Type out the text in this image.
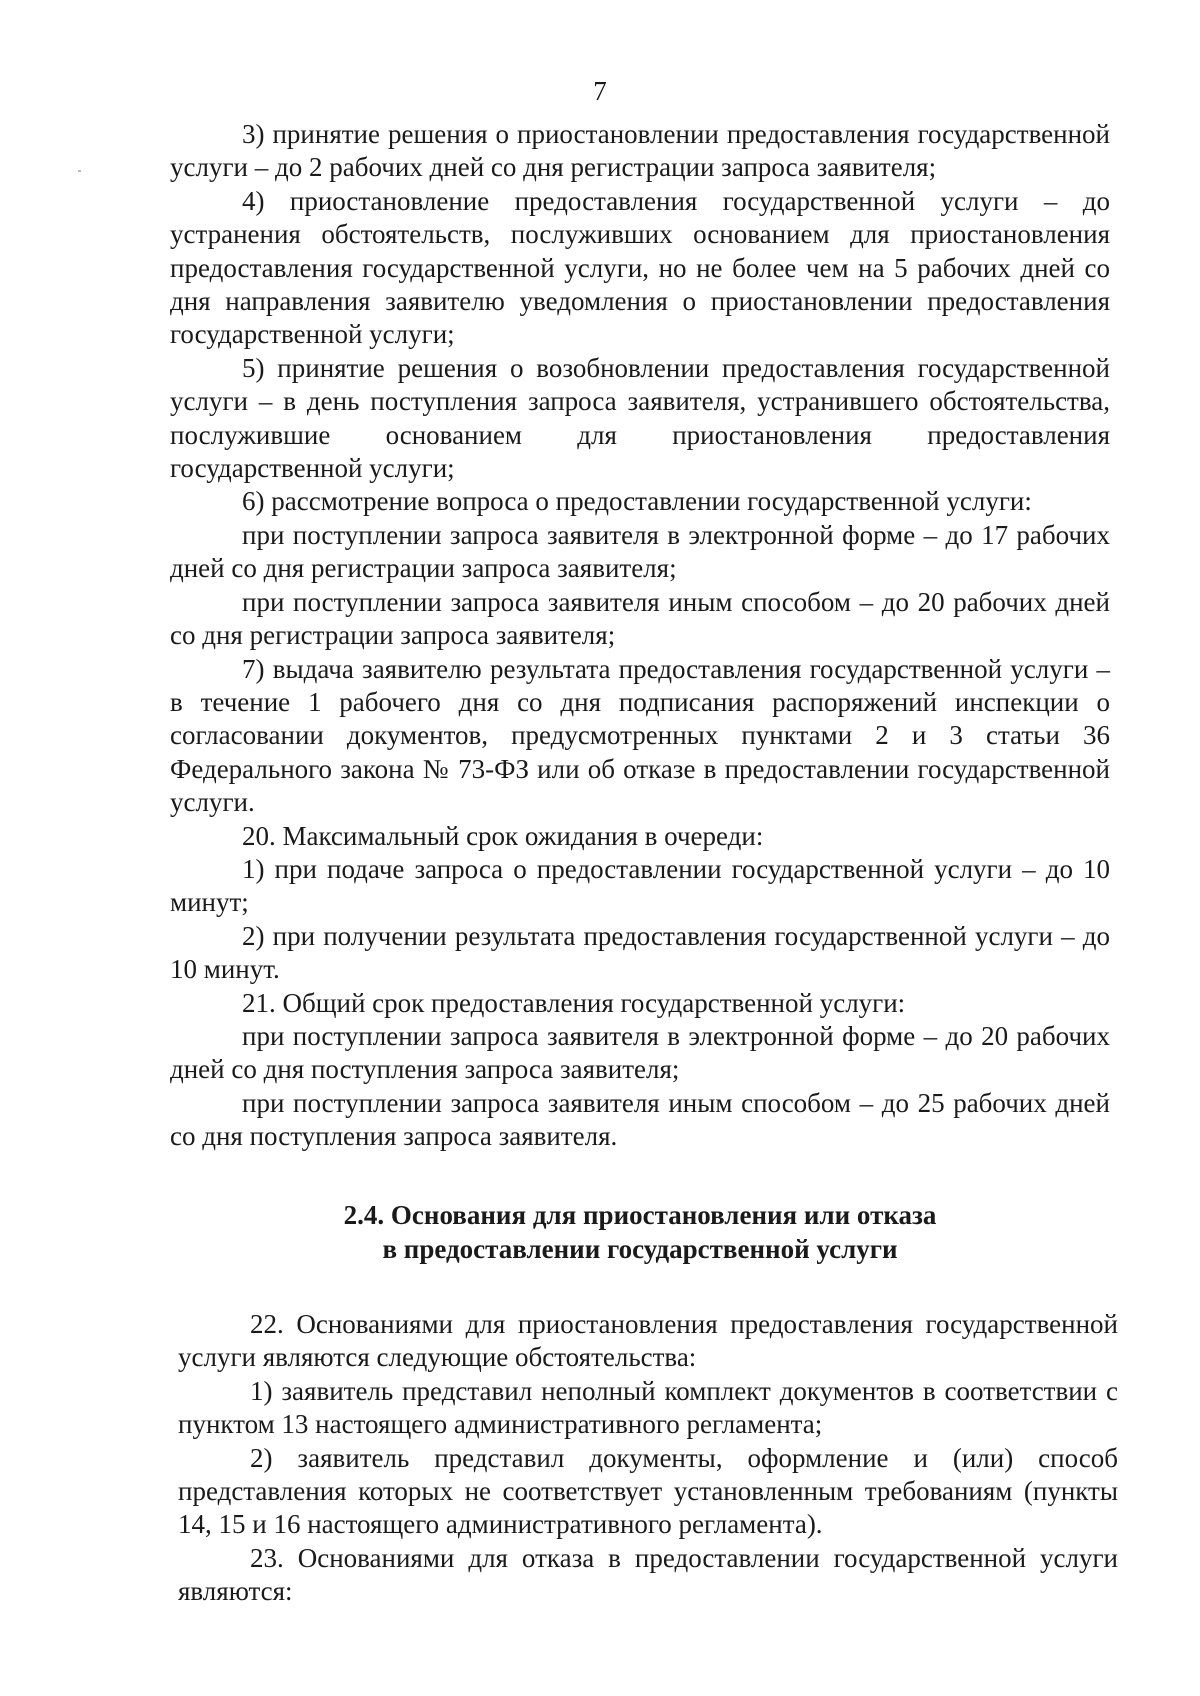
7

3) принятие решения о приостановлении предоставления государственной услуги – до 2 рабочих дней со дня регистрации запроса заявителя;

4) приостановление предоставления государственной услуги – до устранения обстоятельств, послуживших основанием для приостановления предоставления государственной услуги, но не более чем на 5 рабочих дней со дня направления заявителю уведомления о приостановлении предоставления государственной услуги;

5) принятие решения о возобновлении предоставления государственной услуги – в день поступления запроса заявителя, устранившего обстоятельства, послужившие основанием для приостановления предоставления государственной услуги;

6) рассмотрение вопроса о предоставлении государственной услуги:

при поступлении запроса заявителя в электронной форме – до 17 рабочих дней со дня регистрации запроса заявителя;

при поступлении запроса заявителя иным способом – до 20 рабочих дней со дня регистрации запроса заявителя;

7) выдача заявителю результата предоставления государственной услуги – в течение 1 рабочего дня со дня подписания распоряжений инспекции о согласовании документов, предусмотренных пунктами 2 и 3 статьи 36 Федерального закона № 73-ФЗ или об отказе в предоставлении государственной услуги.

20. Максимальный срок ожидания в очереди:

1) при подаче запроса о предоставлении государственной услуги – до 10 минут;

2) при получении результата предоставления государственной услуги – до 10 минут.

21. Общий срок предоставления государственной услуги:

при поступлении запроса заявителя в электронной форме – до 20 рабочих дней со дня поступления запроса заявителя;

при поступлении запроса заявителя иным способом – до 25 рабочих дней со дня поступления запроса заявителя.

2.4. Основания для приостановления или отказа
в предоставлении государственной услуги

22. Основаниями для приостановления предоставления государственной услуги являются следующие обстоятельства:

1) заявитель представил неполный комплект документов в соответствии с пунктом 13 настоящего административного регламента;

2) заявитель представил документы, оформление и (или) способ представления которых не соответствует установленным требованиям (пункты 14, 15 и 16 настоящего административного регламента).

23. Основаниями для отказа в предоставлении государственной услуги являются:
